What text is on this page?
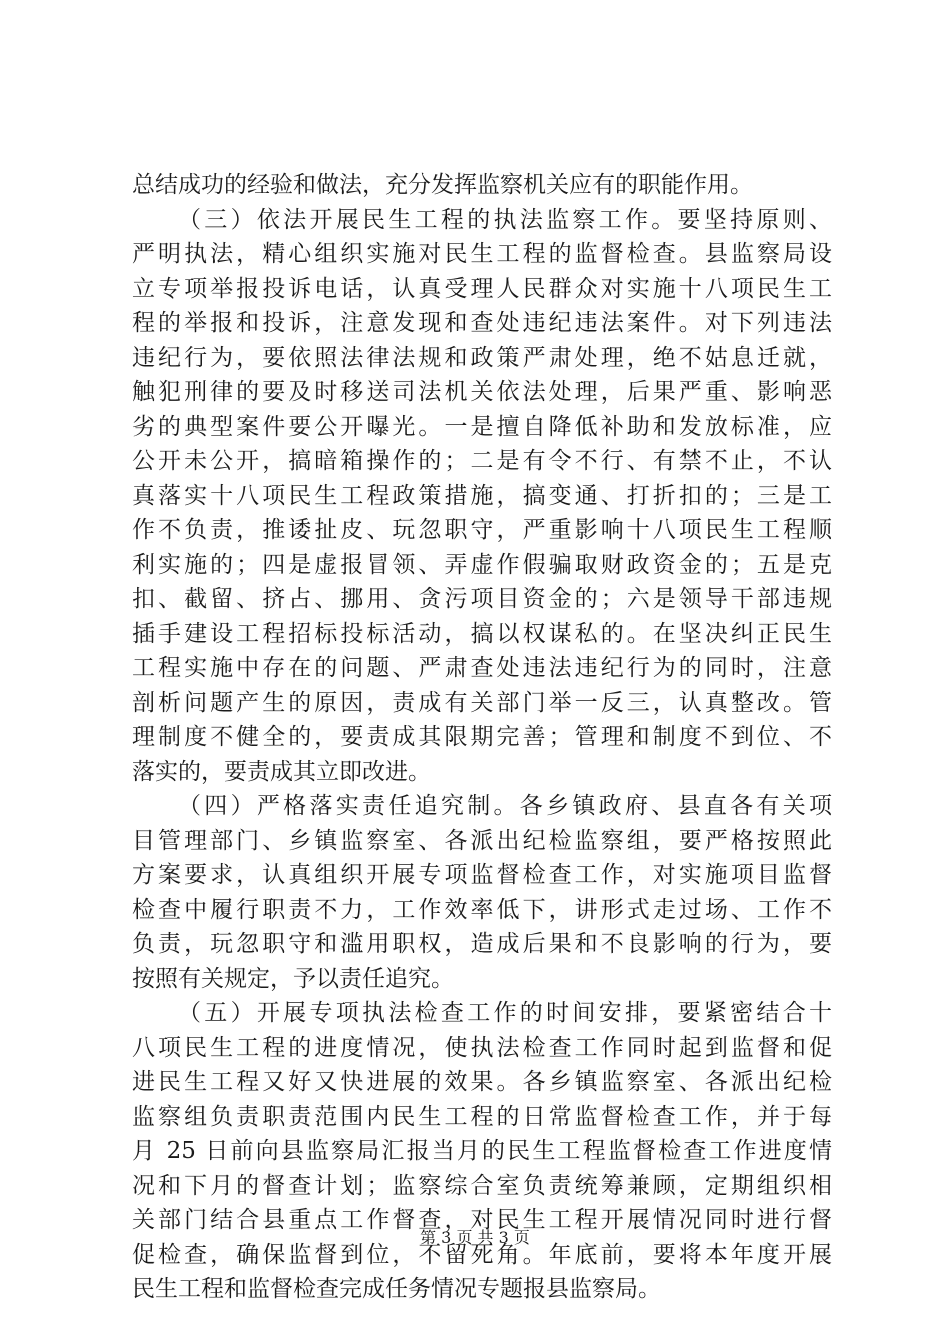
总结成功的经验和做法，充分发挥监察机关应有的职能作用。
（三）依法开展民生工程的执法监察工作。要坚持原则、
严明执法，精心组织实施对民生工程的监督检查。县监察局设
立专项举报投诉电话，认真受理人民群众对实施十八项民生工
程的举报和投诉，注意发现和查处违纪违法案件。对下列违法
违纪行为，要依照法律法规和政策严肃处理，绝不姑息迁就，
触犯刑律的要及时移送司法机关依法处理，后果严重、影响恶
劣的典型案件要公开曝光。一是擅自降低补助和发放标准，应
公开未公开，搞暗箱操作的；二是有令不行、有禁不止，不认
真落实十八项民生工程政策措施，搞变通、打折扣的；三是工
作不负责，推诿扯皮、玩忽职守，严重影响十八项民生工程顺
利实施的；四是虚报冒领、弄虚作假骗取财政资金的；五是克
扣、截留、挤占、挪用、贪污项目资金的；六是领导干部违规
插手建设工程招标投标活动，搞以权谋私的。在坚决纠正民生
工程实施中存在的问题、严肃查处违法违纪行为的同时，注意
剖析问题产生的原因，责成有关部门举一反三，认真整改。管
理制度不健全的，要责成其限期完善；管理和制度不到位、不
落实的，要责成其立即改进。
（四）严格落实责任追究制。各乡镇政府、县直各有关项
目管理部门、乡镇监察室、各派出纪检监察组，要严格按照此
方案要求，认真组织开展专项监督检查工作，对实施项目监督
检查中履行职责不力，工作效率低下，讲形式走过场、工作不
负责，玩忽职守和滥用职权，造成后果和不良影响的行为，要
按照有关规定，予以责任追究。
（五）开展专项执法检查工作的时间安排，要紧密结合十
八项民生工程的进度情况，使执法检查工作同时起到监督和促
进民生工程又好又快进展的效果。各乡镇监察室、各派出纪检
监察组负责职责范围内民生工程的日常监督检查工作，并于每
月 25 日前向县监察局汇报当月的民生工程监督检查工作进度情
况和下月的督查计划；监察综合室负责统筹兼顾，定期组织相
关部门结合县重点工作督查，对民生工程开展情况同时进行督
促检查，确保监督到位，不留死角。年底前，要将本年度开展
民生工程和监督检查完成任务情况专题报县监察局。
第 3 页 共 3 页
